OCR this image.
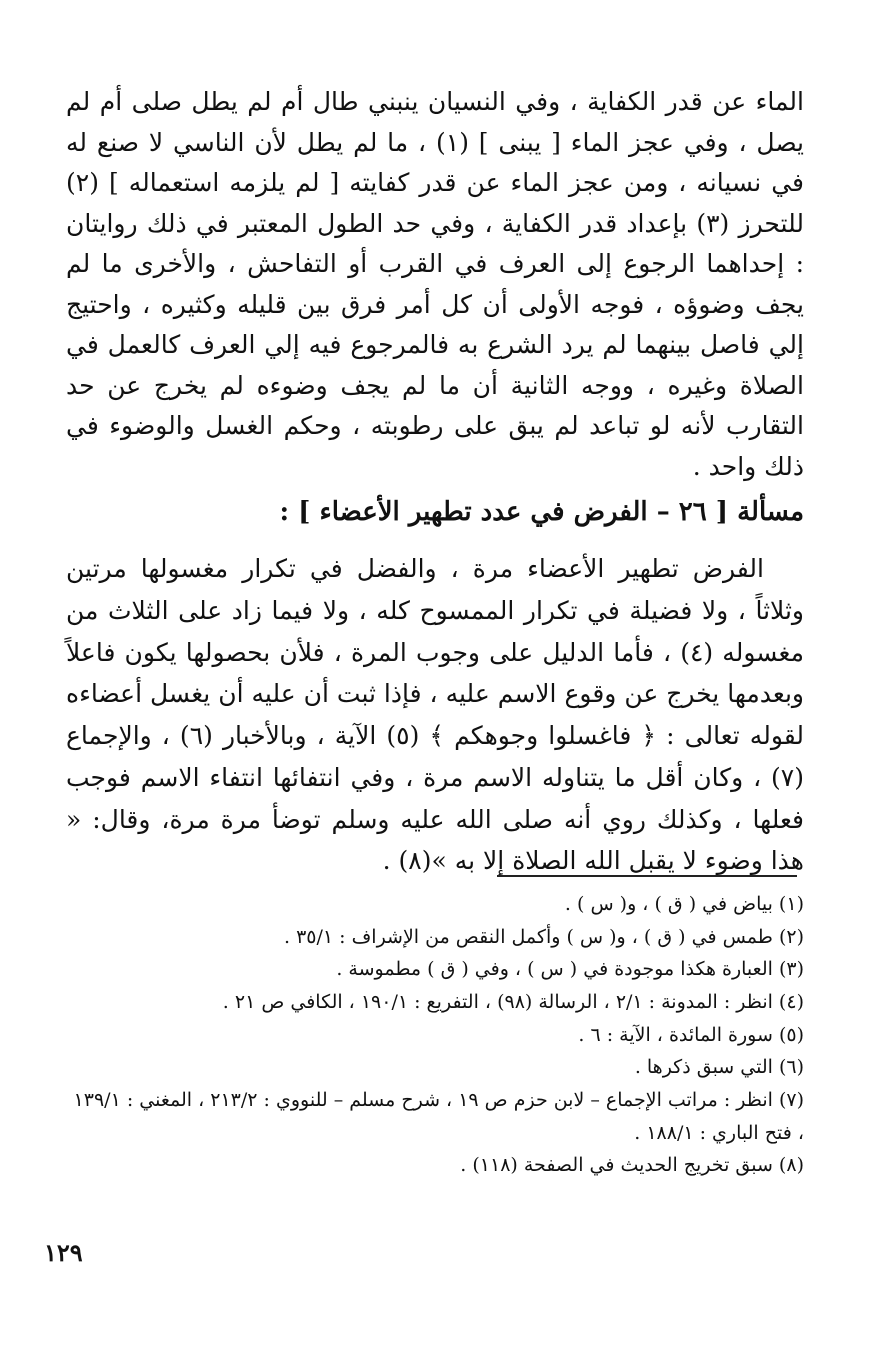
الماء عن قدر الكفاية ، وفي النسيان ينبني طال أم لم يطل صلى أم لم يصل ، وفي عجز الماء [ يبنى ] (١) ، ما لم يطل لأن الناسي لا صنع له في نسيانه ، ومن عجز الماء عن قدر كفايته [ لم يلزمه استعماله ] (٢) للتحرز (٣) بإعداد قدر الكفاية ، وفي حد الطول المعتبر في ذلك روايتان : إحداهما الرجوع إلى العرف في القرب أو التفاحش ، والأخرى ما لم يجف وضوؤه ، فوجه الأولى أن كل أمر فرق بين قليله وكثيره ، واحتيج إلي فاصل بينهما لم يرد الشرع به فالمرجوع فيه إلي العرف كالعمل في الصلاة وغيره ، ووجه الثانية أن ما لم يجف وضوءه لم يخرج عن حد التقارب لأنه لو تباعد لم يبق على رطوبته ، وحكم الغسل والوضوء في ذلك واحد .

مسألة [ ٢٦ – الفرض في عدد تطهير الأعضاء ] :

الفرض تطهير الأعضاء مرة ، والفضل في تكرار مغسولها مرتين وثلاثاً ، ولا فضيلة في تكرار الممسوح كله ، ولا فيما زاد على الثلاث من مغسوله (٤) ، فأما الدليل على وجوب المرة ، فلأن بحصولها يكون فاعلاً وبعدمها يخرج عن وقوع الاسم عليه ، فإذا ثبت أن عليه أن يغسل أعضاءه لقوله تعالى : ﴿ فاغسلوا وجوهكم ﴾ (٥) الآية ، وبالأخبار (٦) ، والإجماع (٧) ، وكان أقل ما يتناوله الاسم مرة ، وفي انتفائها انتفاء الاسم فوجب فعلها ، وكذلك روي أنه صلى الله عليه وسلم توضأ مرة مرة، وقال: « هذا وضوء لا يقبل الله الصلاة إلا به »(٨) .

(١) بياض في ( ق ) ، و( س ) .
(٢) طمس في ( ق ) ، و( س ) وأكمل النقص من الإشراف : ٣٥/١ .
(٣) العبارة هكذا موجودة في ( س ) ، وفي ( ق ) مطموسة .
(٤) انظر : المدونة : ٢/١ ، الرسالة (٩٨) ، التفريع : ١٩٠/١ ، الكافي ص ٢١ .
(٥) سورة المائدة ، الآية : ٦ .
(٦) التي سبق ذكرها .
(٧) انظر : مراتب الإجماع – لابن حزم ص ١٩ ، شرح مسلم – للنووي : ٢١٣/٢ ، المغني : ١٣٩/١ ، فتح الباري : ١٨٨/١ .
(٨) سبق تخريج الحديث في الصفحة (١١٨) .
١٢٩
